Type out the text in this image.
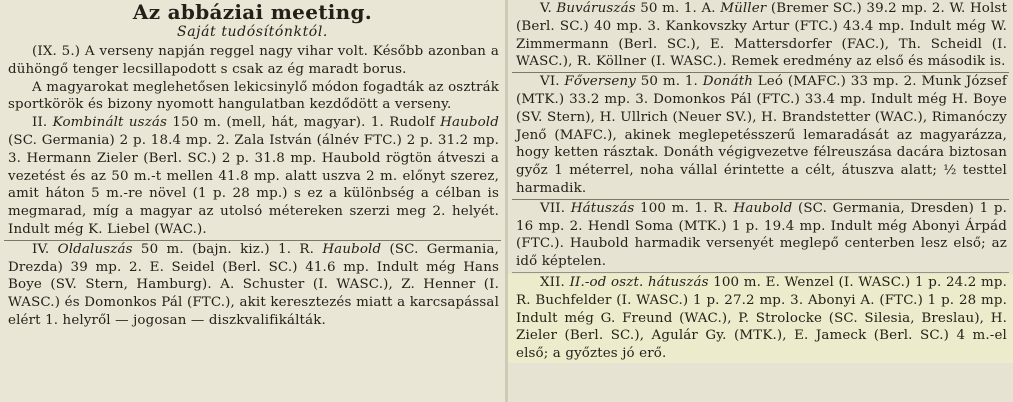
Az abbáziai meeting.
Saját tudósítónktól.

(IX. 5.) A verseny napján reggel nagy vihar volt. Később azonban a dühöngő tenger lecsillapodott s csak az ég maradt borus.

A magyarokat meglehetősen lekicsinylő módon fogadták az osztrák sportkörök és bizony nyomott hangulatban kezdődött a verseny.

II. Kombinált uszás 150 m. (mell, hát, magyar). 1. Rudolf Haubold (SC. Germania) 2 p. 18.4 mp. 2. Zala István (álnév FTC.) 2 p. 31.2 mp. 3. Hermann Zieler (Berl. SC.) 2 p. 31.8 mp. Haubold rögtön átveszi a vezetést és az 50 m.-t mellen 41.8 mp. alatt uszva 2 m. előnyt szerez, amit háton 5 m.-re növel (1 p. 28 mp.) s ez a különbség a célban is megmarad, míg a magyar az utolsó métereken szerzi meg 2. helyét. Indult még K. Liebel (WAC.).

IV. Oldaluszás 50 m. (bajn. kiz.) 1. R. Haubold (SC. Germania, Drezda) 39 mp. 2. E. Seidel (Berl. SC.) 41.6 mp. Indult még Hans Boye (SV. Stern, Hamburg). A. Schuster (I. WASC.), Z. Henner (I. WASC.) és Domonkos Pál (FTC.), akit keresztezés miatt a karcsapással elért 1. helyről — jogosan — diszkvalifikálták.

V. Buváruszás 50 m. 1. A. Müller (Bremer SC.) 39.2 mp. 2. W. Holst (Berl. SC.) 40 mp. 3. Kankovszky Artur (FTC.) 43.4 mp. Indult még W. Zimmermann (Berl. SC.), E. Mattersdorfer (FAC.), Th. Scheidl (I. WASC.), R. Köllner (I. WASC.). Remek eredmény az első és második is.

VI. Főverseny 50 m. 1. Donáth Leó (MAFC.) 33 mp. 2. Munk József (MTK.) 33.2 mp. 3. Domonkos Pál (FTC.) 33.4 mp. Indult még H. Boye (SV. Stern), H. Ullrich (Neuer SV.), H. Brandstetter (WAC.), Rimanóczy Jenő (MAFC.), akinek meglepetésszerű lemaradását az magyarázza, hogy ketten rásztak. Donáth végigvezetve félreuszása dacára biztosan győz 1 méterrel, noha vállal érintette a célt, átuszva alatt; ½ testtel harmadik.

VII. Hátuszás 100 m. 1. R. Haubold (SC. Germania, Dresden) 1 p. 16 mp. 2. Hendl Soma (MTK.) 1 p. 19.4 mp. Indult még Abonyi Árpád (FTC.). Haubold harmadik versenyét meglepő centerben lesz első; az idő képtelen.

XII. II.-od oszt. hátuszás 100 m. E. Wenzel (I. WASC.) 1 p. 24.2 mp. R. Buchfelder (I. WASC.) 1 p. 27.2 mp. 3. Abonyi A. (FTC.) 1 p. 28 mp. Indult még G. Freund (WAC.), P. Strolocke (SC. Silesia, Breslau), H. Zieler (Berl. SC.), Agulár Gy. (MTK.), E. Jameck (Berl. SC.) 4 m.-el első; a győztes jó erő.
